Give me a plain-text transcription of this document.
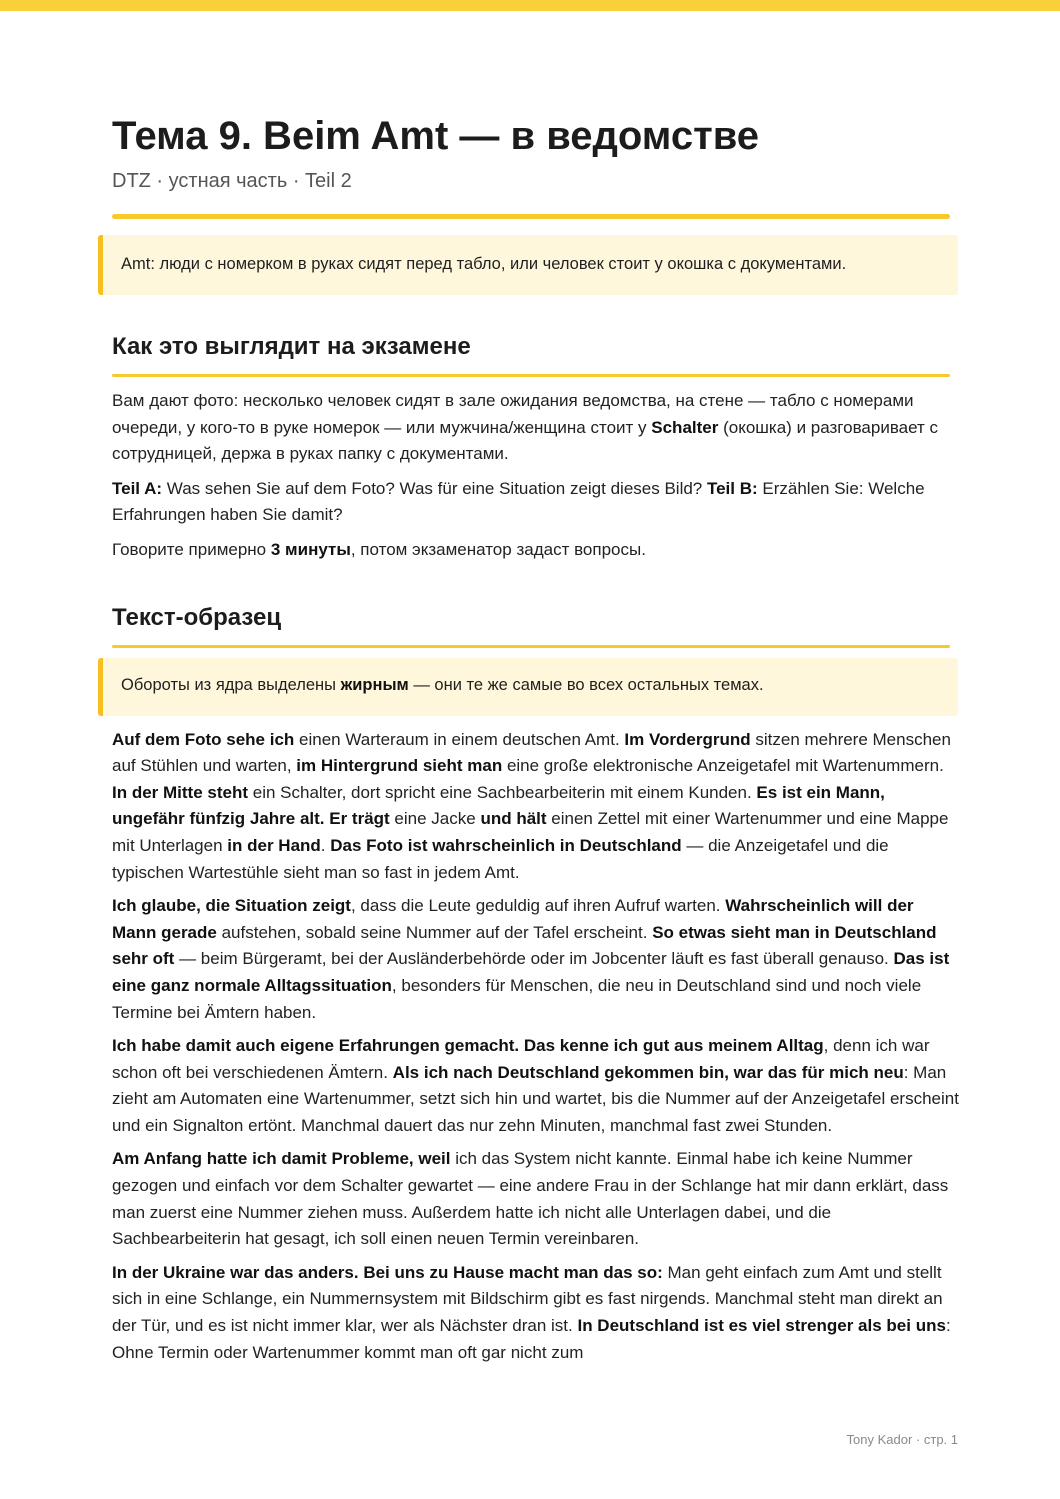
Тема 9. Beim Amt — в ведомстве
DTZ · устная часть · Teil 2
Amt: люди с номерком в руках сидят перед табло, или человек стоит у окошка с документами.
Как это выглядит на экзамене

Вам дают фото: несколько человек сидят в зале ожидания ведомства, на стене — табло с номерами очереди, у кого-то в руке номерок — или мужчина/женщина стоит у Schalter (окошка) и разговаривает с сотрудницей, держа в руках папку с документами.

Teil A: Was sehen Sie auf dem Foto? Was für eine Situation zeigt dieses Bild? Teil B: Erzählen Sie: Welche Erfahrungen haben Sie damit?

Говорите примерно 3 минуты, потом экзаменатор задаст вопросы.

Текст-образец
Обороты из ядра выделены жирным — они те же самые во всех остальных темах.

Auf dem Foto sehe ich einen Warteraum in einem deutschen Amt. Im Vordergrund sitzen mehrere Menschen auf Stühlen und warten, im Hintergrund sieht man eine große elektronische Anzeigetafel mit Wartenummern. In der Mitte steht ein Schalter, dort spricht eine Sachbearbeiterin mit einem Kunden. Es ist ein Mann, ungefähr fünfzig Jahre alt. Er trägt eine Jacke und hält einen Zettel mit einer Wartenummer und eine Mappe mit Unterlagen in der Hand. Das Foto ist wahrscheinlich in Deutschland — die Anzeigetafel und die typischen Wartestühle sieht man so fast in jedem Amt.

Ich glaube, die Situation zeigt, dass die Leute geduldig auf ihren Aufruf warten. Wahrscheinlich will der Mann gerade aufstehen, sobald seine Nummer auf der Tafel erscheint. So etwas sieht man in Deutschland sehr oft — beim Bürgeramt, bei der Ausländerbehörde oder im Jobcenter läuft es fast überall genauso. Das ist eine ganz normale Alltagssituation, besonders für Menschen, die neu in Deutschland sind und noch viele Termine bei Ämtern haben.

Ich habe damit auch eigene Erfahrungen gemacht. Das kenne ich gut aus meinem Alltag, denn ich war schon oft bei verschiedenen Ämtern. Als ich nach Deutschland gekommen bin, war das für mich neu: Man zieht am Automaten eine Wartenummer, setzt sich hin und wartet, bis die Nummer auf der Anzeigetafel erscheint und ein Signalton ertönt. Manchmal dauert das nur zehn Minuten, manchmal fast zwei Stunden.

Am Anfang hatte ich damit Probleme, weil ich das System nicht kannte. Einmal habe ich keine Nummer gezogen und einfach vor dem Schalter gewartet — eine andere Frau in der Schlange hat mir dann erklärt, dass man zuerst eine Nummer ziehen muss. Außerdem hatte ich nicht alle Unterlagen dabei, und die Sachbearbeiterin hat gesagt, ich soll einen neuen Termin vereinbaren.

In der Ukraine war das anders. Bei uns zu Hause macht man das so: Man geht einfach zum Amt und stellt sich in eine Schlange, ein Nummernsystem mit Bildschirm gibt es fast nirgends. Manchmal steht man direkt an der Tür, und es ist nicht immer klar, wer als Nächster dran ist. In Deutschland ist es viel strenger als bei uns: Ohne Termin oder Wartenummer kommt man oft gar nicht zum

Tony Kador · стр. 1
